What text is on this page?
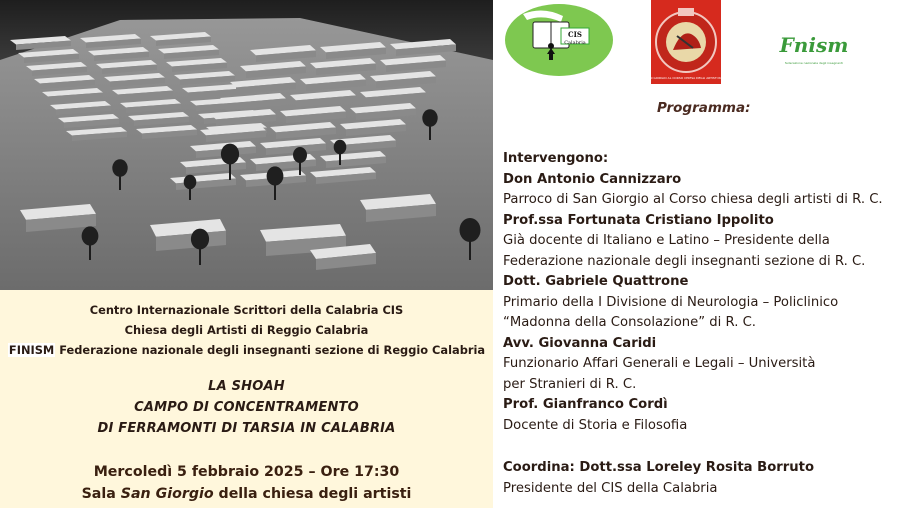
Centro Internazionale Scrittori della Calabria CIS
Chiesa degli Artisti di Reggio Calabria
FINISM Federazione nazionale degli insegnanti sezione di Reggio Calabria
LA SHOAH
CAMPO DI CONCENTRAMENTO
DI FERRAMONTI DI TARSIA IN CALABRIA
Mercoledì 5 febbraio 2025 – Ore 17:30
Sala San Giorgio della chiesa degli artisti
CIS
Calabria
PARROCCHIA SAN GIORGIO AL CORSO CHIESA DEGLI ARTISTI REGGIO CALABRIA
Fnism
federazione nazionale degli insegnanti
Programma:
Intervengono:
Don Antonio Cannizzaro
Parroco di San Giorgio al Corso chiesa degli artisti di R. C.
Prof.ssa Fortunata Cristiano Ippolito
Già docente di Italiano e Latino – Presidente della
Federazione nazionale degli insegnanti sezione di R. C.
Dott. Gabriele Quattrone
Primario della I Divisione di Neurologia – Policlinico
“Madonna della Consolazione” di R. C.
Avv. Giovanna Caridi
Funzionario Affari Generali e Legali – Università
per Stranieri di R. C.
Prof. Gianfranco Cordì
Docente di Storia e Filosofia
Coordina: Dott.ssa Loreley Rosita Borruto
Presidente del CIS della Calabria
